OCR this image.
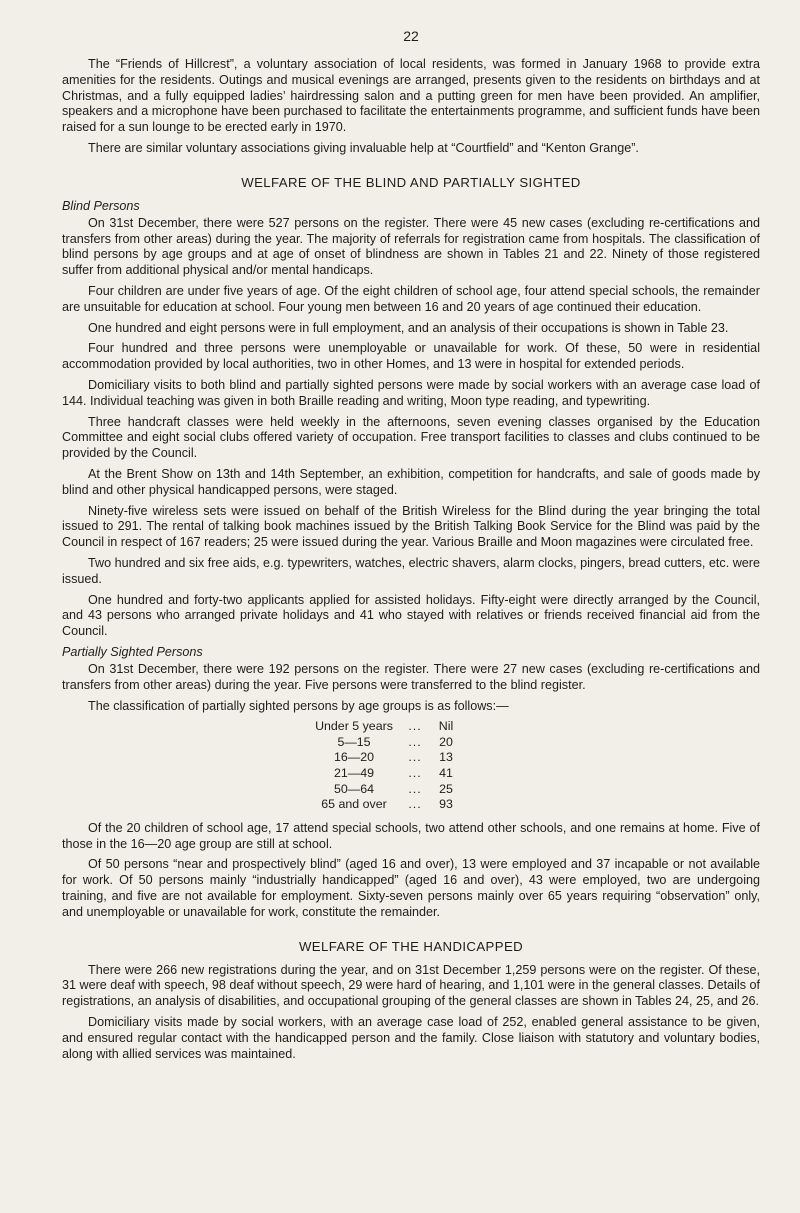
22

The “Friends of Hillcrest”, a voluntary association of local residents, was formed in January 1968 to provide extra amenities for the residents. Outings and musical evenings are arranged, presents given to the residents on birthdays and at Christmas, and a fully equipped ladies’ hairdressing salon and a putting green for men have been provided. An amplifier, speakers and a microphone have been purchased to facilitate the entertainments programme, and sufficient funds have been raised for a sun lounge to be erected early in 1970.

There are similar voluntary associations giving invaluable help at “Courtfield” and “Kenton Grange”.

WELFARE OF THE BLIND AND PARTIALLY SIGHTED
Blind Persons

On 31st December, there were 527 persons on the register. There were 45 new cases (excluding re-certifications and transfers from other areas) during the year. The majority of referrals for registration came from hospitals. The classification of blind persons by age groups and at age of onset of blindness are shown in Tables 21 and 22. Ninety of those registered suffer from additional physical and/or mental handicaps.

Four children are under five years of age. Of the eight children of school age, four attend special schools, the remainder are unsuitable for education at school. Four young men between 16 and 20 years of age continued their education.

One hundred and eight persons were in full employment, and an analysis of their occupations is shown in Table 23.

Four hundred and three persons were unemployable or unavailable for work. Of these, 50 were in residential accommodation provided by local authorities, two in other Homes, and 13 were in hospital for extended periods.

Domiciliary visits to both blind and partially sighted persons were made by social workers with an average case load of 144. Individual teaching was given in both Braille reading and writing, Moon type reading, and typewriting.

Three handcraft classes were held weekly in the afternoons, seven evening classes organised by the Education Committee and eight social clubs offered variety of occupation. Free transport facilities to classes and clubs continued to be provided by the Council.

At the Brent Show on 13th and 14th September, an exhibition, competition for handcrafts, and sale of goods made by blind and other physical handicapped persons, were staged.

Ninety-five wireless sets were issued on behalf of the British Wireless for the Blind during the year bringing the total issued to 291. The rental of talking book machines issued by the British Talking Book Service for the Blind was paid by the Council in respect of 167 readers; 25 were issued during the year. Various Braille and Moon magazines were circulated free.

Two hundred and six free aids, e.g. typewriters, watches, electric shavers, alarm clocks, pingers, bread cutters, etc. were issued.

One hundred and forty-two applicants applied for assisted holidays. Fifty-eight were directly arranged by the Council, and 43 persons who arranged private holidays and 41 who stayed with relatives or friends received financial aid from the Council.

Partially Sighted Persons

On 31st December, there were 192 persons on the register. There were 27 new cases (excluding re-certifications and transfers from other areas) during the year. Five persons were transferred to the blind register.

The classification of partially sighted persons by age groups is as follows:—

Under 5 years	...	Nil
5—15	...	20
16—20	...	13
21—49	...	41
50—64	...	25
65 and over	...	93

Of the 20 children of school age, 17 attend special schools, two attend other schools, and one remains at home. Five of those in the 16—20 age group are still at school.

Of 50 persons “near and prospectively blind” (aged 16 and over), 13 were employed and 37 incapable or not available for work. Of 50 persons mainly “industrially handicapped” (aged 16 and over), 43 were employed, two are undergoing training, and five are not available for employment. Sixty-seven persons mainly over 65 years requiring “observation” only, and unemployable or unavailable for work, constitute the remainder.

WELFARE OF THE HANDICAPPED

There were 266 new registrations during the year, and on 31st December 1,259 persons were on the register. Of these, 31 were deaf with speech, 98 deaf without speech, 29 were hard of hearing, and 1,101 were in the general classes. Details of registrations, an analysis of disabilities, and occupational grouping of the general classes are shown in Tables 24, 25, and 26.

Domiciliary visits made by social workers, with an average case load of 252, enabled general assistance to be given, and ensured regular contact with the handicapped person and the family. Close liaison with statutory and voluntary bodies, along with allied services was maintained.
